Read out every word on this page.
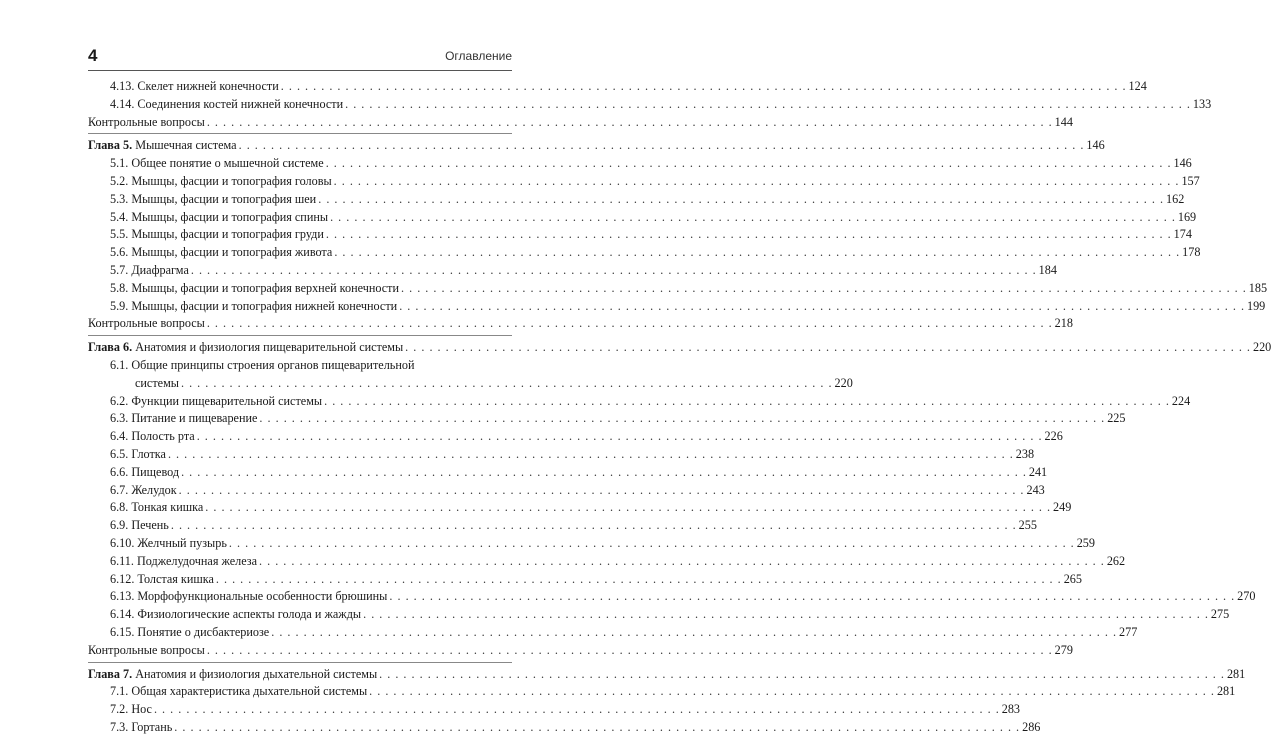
4	Оглавление
4.13. Скелет нижней конечности . . .	124
4.14. Соединения костей нижней конечности . . .	133
Контрольные вопросы . . .	144
Глава 5. Мышечная система . . .	146
5.1. Общее понятие о мышечной системе . . .	146
5.2. Мышцы, фасции и топография головы . . .	157
5.3. Мышцы, фасции и топография шеи . . .	162
5.4. Мышцы, фасции и топография спины . . .	169
5.5. Мышцы, фасции и топография груди . . .	174
5.6. Мышцы, фасции и топография живота . . .	178
5.7. Диафрагма . . .	184
5.8. Мышцы, фасции и топография верхней конечности . . .	185
5.9. Мышцы, фасции и топография нижней конечности . . .	199
Контрольные вопросы . . .	218
Глава 6. Анатомия и физиология пищеварительной системы . . .	220
6.1. Общие принципы строения органов пищеварительной
системы . . .	220
6.2. Функции пищеварительной системы . . .	224
6.3. Питание и пищеварение . . .	225
6.4. Полость рта . . .	226
6.5. Глотка . . .	238
6.6. Пищевод . . .	241
6.7. Желудок . . .	243
6.8. Тонкая кишка . . .	249
6.9. Печень . . .	255
6.10. Желчный пузырь . . .	259
6.11. Поджелудочная железа . . .	262
6.12. Толстая кишка . . .	265
6.13. Морфофункциональные особенности брюшины . . .	270
6.14. Физиологические аспекты голода и жажды . . .	275
6.15. Понятие о дисбактериозе . . .	277
Контрольные вопросы . . .	279
Глава 7. Анатомия и физиология дыхательной системы . . .	281
7.1. Общая характеристика дыхательной системы . . .	281
7.2. Нос . . .	283
7.3. Гортань . . .	286
